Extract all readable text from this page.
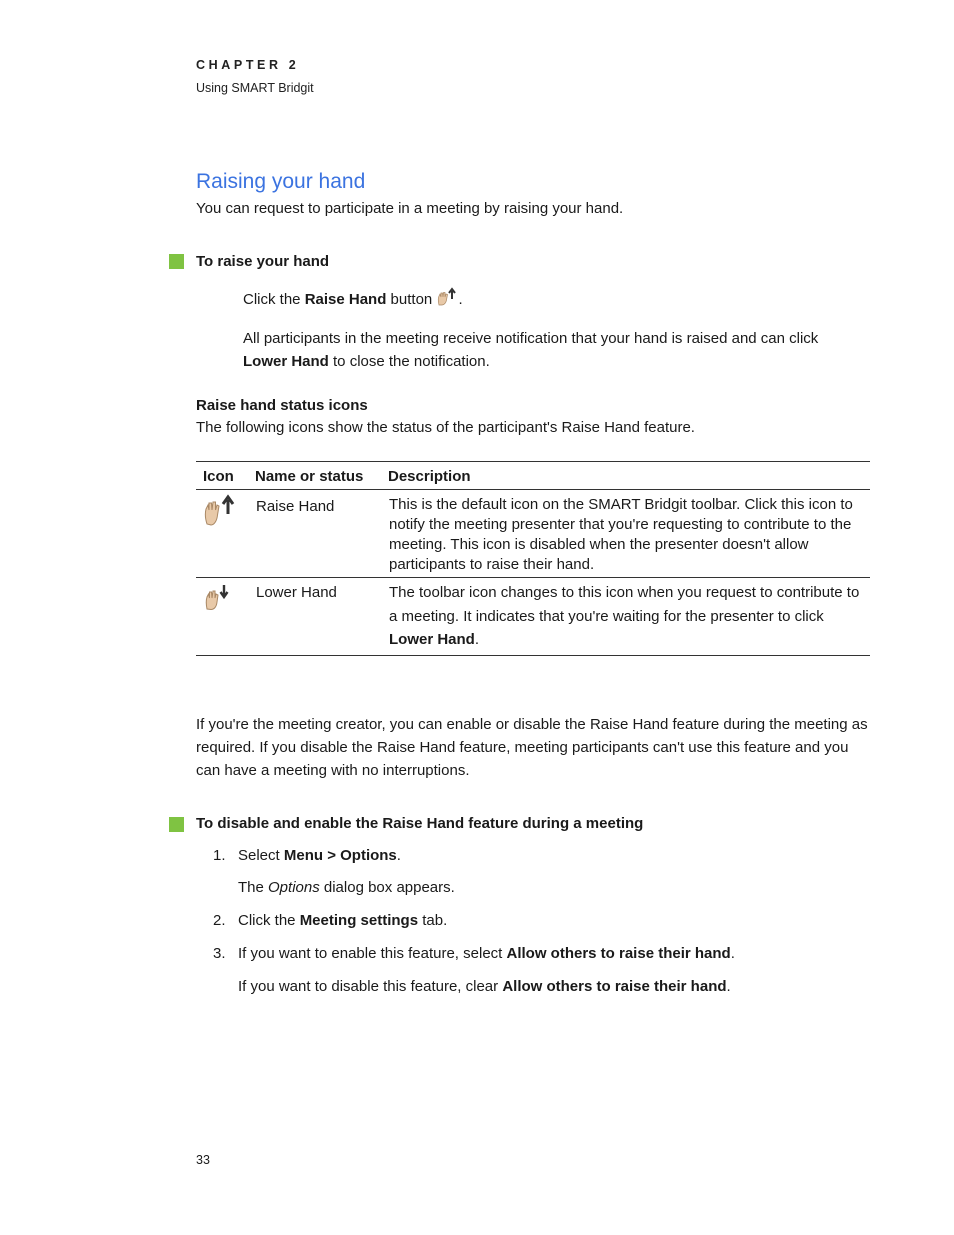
CHAPTER 2
Using SMART Bridgit
Raising your hand
You can request to participate in a meeting by raising your hand.
To raise your hand
Click the Raise Hand button .
All participants in the meeting receive notification that your hand is raised and can click
Lower Hand to close the notification.
Raise hand status icons
The following icons show the status of the participant's Raise Hand feature.
Icon	Name or status	Description
	Raise Hand	This is the default icon on the SMART Bridgit toolbar. Click this icon to notify the meeting presenter that you're requesting to contribute to the meeting. This icon is disabled when the presenter doesn't allow participants to raise their hand.
	Lower Hand	The toolbar icon changes to this icon when you request to contribute to a meeting. It indicates that you're waiting for the presenter to click Lower Hand.
If you're the meeting creator, you can enable or disable the Raise Hand feature during the meeting as required. If you disable the Raise Hand feature, meeting participants can't use this feature and you can have a meeting with no interruptions.
To disable and enable the Raise Hand feature during a meeting
1. Select Menu > Options.
The Options dialog box appears.
2. Click the Meeting settings tab.
3. If you want to enable this feature, select Allow others to raise their hand.
If you want to disable this feature, clear Allow others to raise their hand.
33
